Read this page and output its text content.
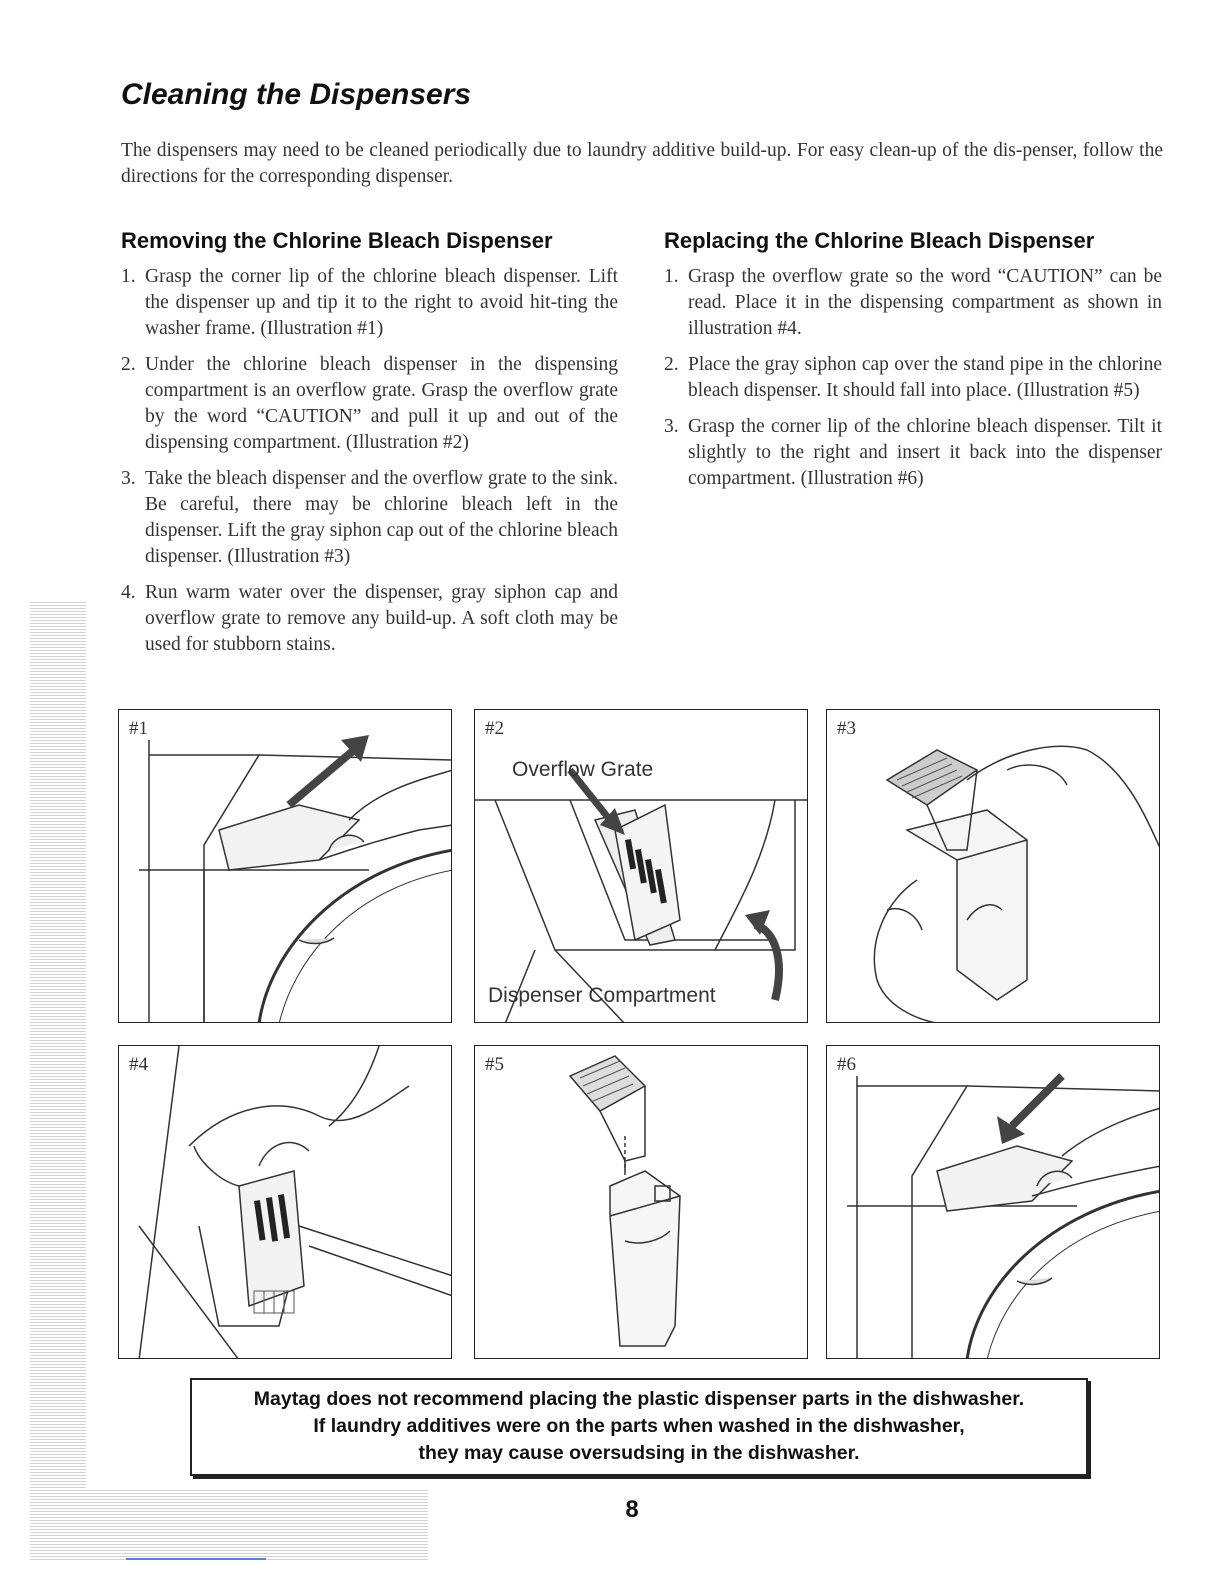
Cleaning the Dispensers

The dispensers may need to be cleaned periodically due to laundry additive build-up. For easy clean-up of the dis-penser, follow the directions for the corresponding dispenser.

Removing the Chlorine Bleach Dispenser
1. Grasp the corner lip of the chlorine bleach dispenser. Lift the dispenser up and tip it to the right to avoid hit-ting the washer frame. (Illustration #1)
2. Under the chlorine bleach dispenser in the dispensing compartment is an overflow grate. Grasp the overflow grate by the word “CAUTION” and pull it up and out of the dispensing compartment. (Illustration #2)
3. Take the bleach dispenser and the overflow grate to the sink. Be careful, there may be chlorine bleach left in the dispenser. Lift the gray siphon cap out of the chlorine bleach dispenser. (Illustration #3)
4. Run warm water over the dispenser, gray siphon cap and overflow grate to remove any build-up. A soft cloth may be used for stubborn stains.
Replacing the Chlorine Bleach Dispenser
1. Grasp the overflow grate so the word “CAUTION” can be read. Place it in the dispensing compartment as shown in illustration #4.
2. Place the gray siphon cap over the stand pipe in the chlorine bleach dispenser. It should fall into place. (Illustration #5)
3. Grasp the corner lip of the chlorine bleach dispenser. Tilt it slightly to the right and insert it back into the dispenser compartment. (Illustration #6)
#1	#2
Overflow Grate
Dispenser Compartment
#3
#4	#5	#6
Maytag does not recommend placing the plastic dispenser parts in the dishwasher.
If laundry additives were on the parts when washed in the dishwasher,
they may cause oversudsing in the dishwasher.
8
